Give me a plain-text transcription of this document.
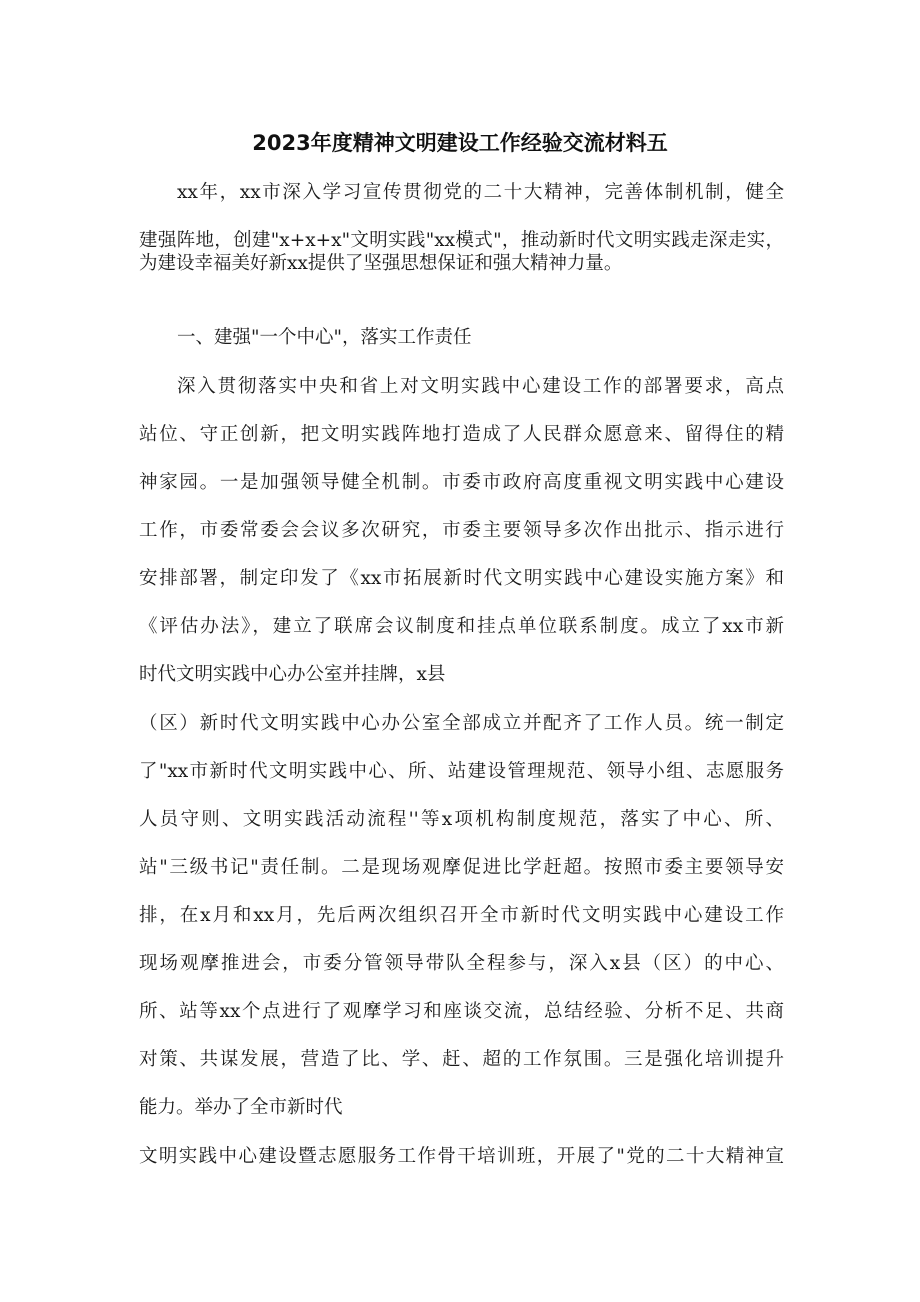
2023年度精神文明建设工作经验交流材料五
xx年，xx市深入学习宣传贯彻党的二十大精神，完善体制机制，健全
建强阵地，创建"x+x+x"文明实践"xx模式"，推动新时代文明实践走深走实，
为建设幸福美好新xx提供了坚强思想保证和强大精神力量。
一、建强"一个中心"，落实工作责任
深入贯彻落实中央和省上对文明实践中心建设工作的部署要求，高点
站位、守正创新，把文明实践阵地打造成了人民群众愿意来、留得住的精
神家园。一是加强领导健全机制。市委市政府高度重视文明实践中心建设
工作，市委常委会会议多次研究，市委主要领导多次作出批示、指示进行
安排部署，制定印发了《xx市拓展新时代文明实践中心建设实施方案》和
《评估办法》，建立了联席会议制度和挂点单位联系制度。成立了xx市新
时代文明实践中心办公室并挂牌，x县
（区）新时代文明实践中心办公室全部成立并配齐了工作人员。统一制定
了"xx市新时代文明实践中心、所、站建设管理规范、领导小组、志愿服务
人员守则、文明实践活动流程''等x项机构制度规范，落实了中心、所、
站"三级书记"责任制。二是现场观摩促进比学赶超。按照市委主要领导安
排，在x月和xx月，先后两次组织召开全市新时代文明实践中心建设工作
现场观摩推进会，市委分管领导带队全程参与，深入x县（区）的中心、
所、站等xx个点进行了观摩学习和座谈交流，总结经验、分析不足、共商
对策、共谋发展，营造了比、学、赶、超的工作氛围。三是强化培训提升
能力。举办了全市新时代
文明实践中心建设暨志愿服务工作骨干培训班，开展了"党的二十大精神宣
